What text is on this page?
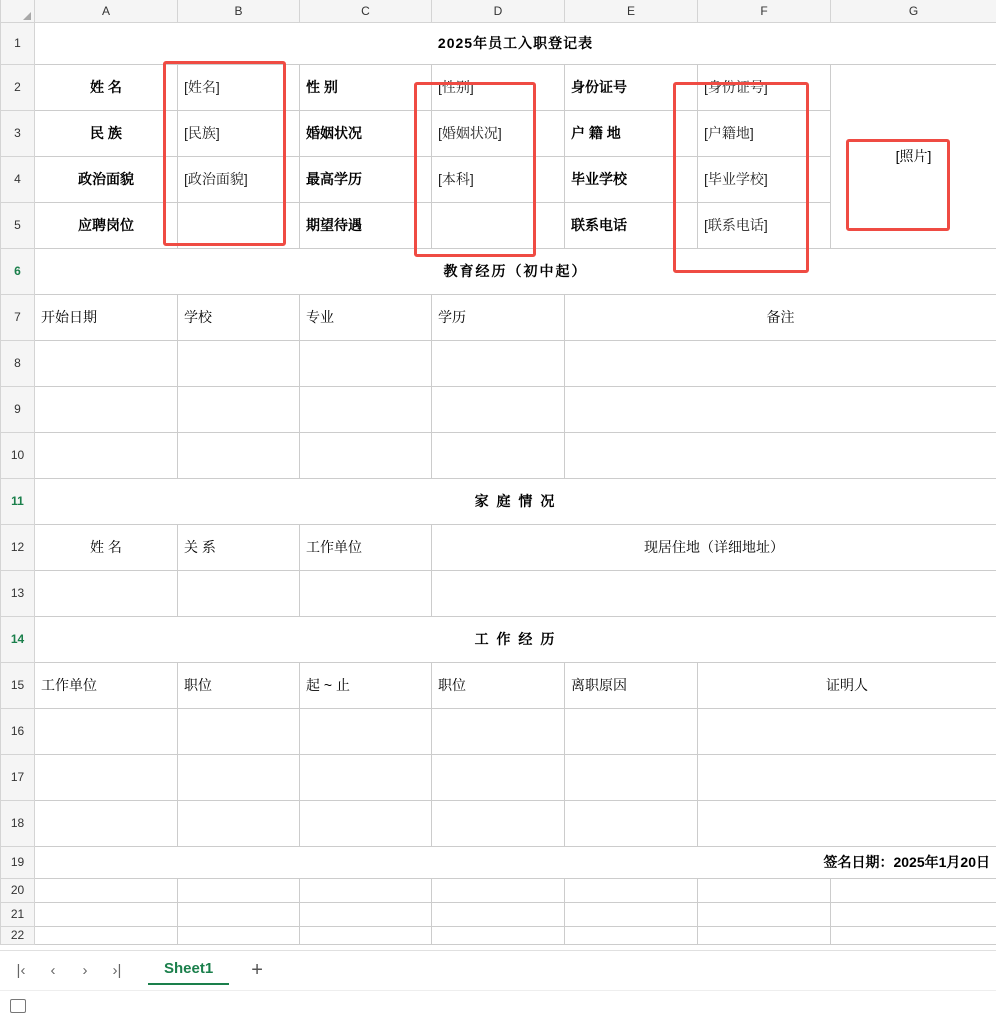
	A	B	C	D	E	F	G
1	2025年员工入职登记表						
2	姓 名	[姓名]	性 别	[性别]	身份证号	[身份证号]	[照片]
3	民 族	[民族]	婚姻状况	[婚姻状况]	户 籍 地	[户籍地]	
4	政治面貌	[政治面貌]	最高学历	[本科]	毕业学校	[毕业学校]	
5	应聘岗位		期望待遇		联系电话	[联系电话]	
6	教育经历（初中起）						
7	开始日期	学校	专业	学历	备注		
8							
9							
10							
11	家 庭 情 况						
12	姓 名	关 系	工作单位	现居住地（详细地址）			
13							
14	工 作 经 历						
15	工作单位	职位	起 ~ 止	职位	离职原因	证明人	
16							
17							
18							
19	签名日期：2025年1月20日						
20							
21							
22							
|‹	‹	›	›|	Sheet1	+
